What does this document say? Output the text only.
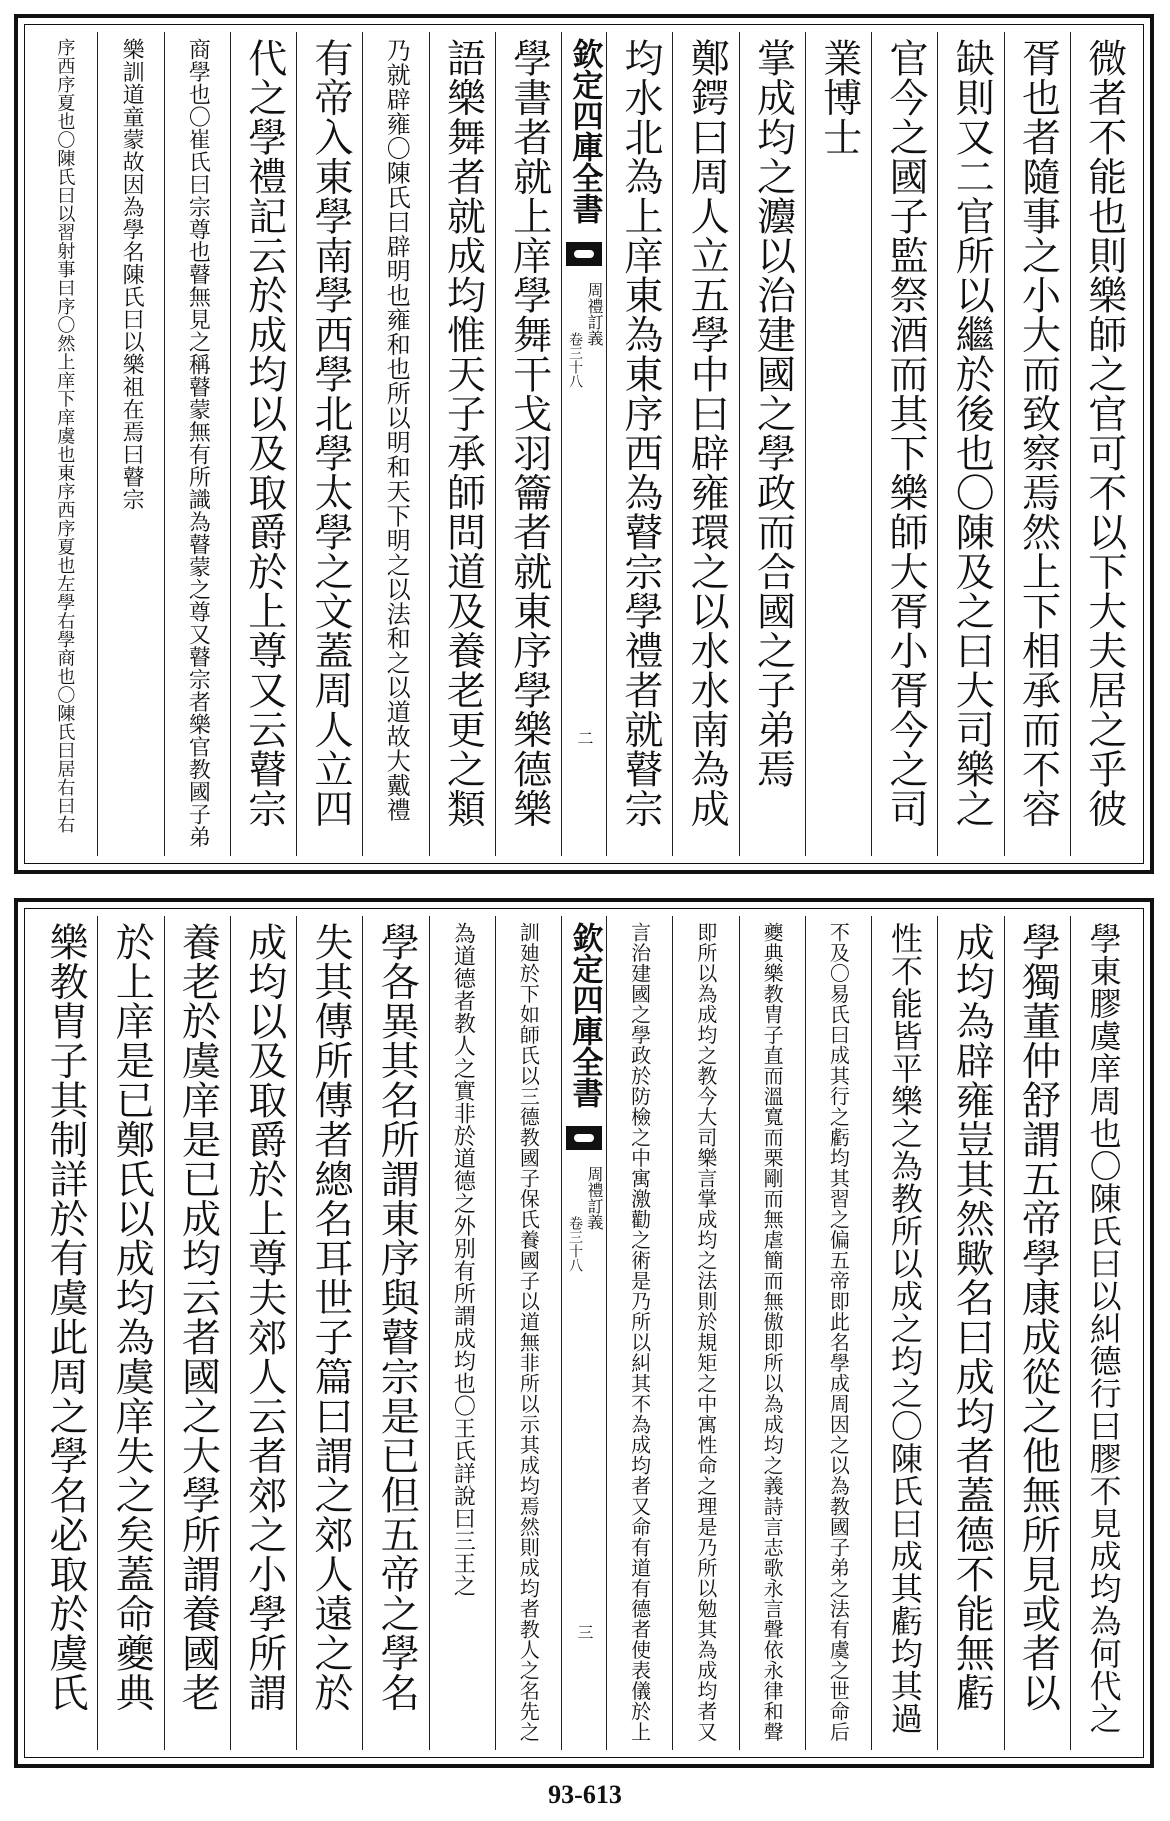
微者不能也則樂師之官可不以下大夫居之乎彼
胥也者隨事之小大而致察焉然上下相承而不容
缺則又二官所以繼於後也〇陳及之曰大司樂之
官今之國子監祭酒而其下樂師大胥小胥今之司
業博士
掌成均之灋以治建國之學政而合國之子弟焉
鄭鍔曰周人立五學中曰辟雍環之以水水南為成
均水北為上庠東為東序西為瞽宗學禮者就瞽宗
欽定四庫全書
周禮訂義
卷三十八
二
學書者就上庠學舞干戈羽籥者就東序學樂德樂
語樂舞者就成均惟天子承師問道及養老更之類
乃就辟雍〇陳氏曰辟明也雍和也所以明和天下明之以法和之以道故大戴禮
有帝入東學南學西學北學太學之文蓋周人立四
代之學禮記云於成均以及取爵於上尊又云瞽宗
商學也〇崔氏曰宗尊也瞽無見之稱瞽蒙無有所識為瞽蒙之尊又瞽宗者樂官教國子弟
樂訓道童蒙故因為學名陳氏曰以樂祖在焉曰瞽宗
序西序夏也〇陳氏曰以習射事曰序〇然上庠下庠虞也東序西序夏也左學右學商也〇陳氏曰居右曰右
學東膠虞庠周也〇陳氏曰以糾德行曰膠不見成均為何代之
學獨董仲舒謂五帝學康成從之他無所見或者以
成均為辟雍豈其然歟名曰成均者蓋德不能無虧
性不能皆平樂之為教所以成之均之〇陳氏曰成其虧均其過
不及〇易氏曰成其行之虧均其習之偏五帝即此名學成周因之以為教國子弟之法有虞之世命后
夔典樂教胄子直而溫寬而栗剛而無虐簡而無傲即所以為成均之義詩言志歌永言聲依永律和聲
即所以為成均之教今大司樂言掌成均之法則於規矩之中寓性命之理是乃所以勉其為成均者又
言治建國之學政於防檢之中寓激勸之術是乃所以糾其不為成均者又命有道有德者使表儀於上
欽定四庫全書
周禮訂義
卷三十八
三
訓廸於下如師氏以三德教國子保氏養國子以道無非所以示其成均焉然則成均者教人之名先之
為道德者教人之實非於道德之外別有所謂成均也〇王氏詳說曰三王之
學各異其名所謂東序與瞽宗是已但五帝之學名
失其傳所傳者總名耳世子篇曰謂之郊人遠之於
成均以及取爵於上尊夫郊人云者郊之小學所謂
養老於虞庠是已成均云者國之大學所謂養國老
於上庠是已鄭氏以成均為虞庠失之矣蓋命夔典
樂教胄子其制詳於有虞此周之學名必取於虞氏
93-613
